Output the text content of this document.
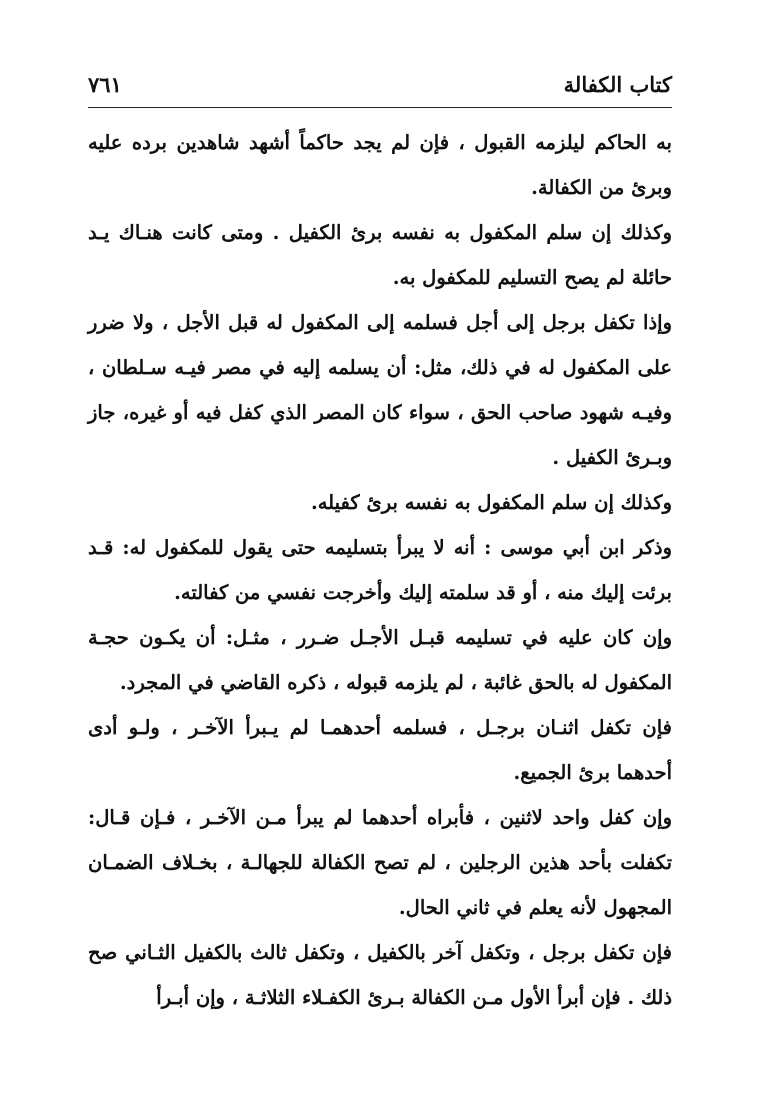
كتاب الكفالة
٧٦١

به الحاكم ليلزمه القبول ، فإن لم يجد حاكماً أشهد شاهدين برده عليه وبرئ من الكفالة.

وكذلك إن سلم المكفول به نفسه برئ الكفيل . ومتى كانت هنـاك يـد حائلة لم يصح التسليم للمكفول به.

وإذا تكفل برجل إلى أجل فسلمه إلى المكفول له قبل الأجل ، ولا ضرر على المكفول له في ذلك، مثل: أن يسلمه إليه في مصر فيـه سـلطان ، وفيـه شهود صاحب الحق ، سواء كان المصر الذي كفل فيه أو غيره، جاز وبـرئ الكفيل .

وكذلك إن سلم المكفول به نفسه برئ كفيله.

وذكر ابن أبي موسى : أنه لا يبرأ بتسليمه حتى يقول للمكفول له: قـد برئت إليك منه ، أو قد سلمته إليك وأخرجت نفسي من كفالته.

وإن كان عليه في تسليمه قبـل الأجـل ضـرر ، مثـل: أن يكـون حجـة المكفول له بالحق غائبة ، لم يلزمه قبوله ، ذكره القاضي في المجرد.

فإن تكفل اثنـان برجـل ، فسلمه أحدهمـا لم يـبرأ الآخـر ، ولـو أدى أحدهما برئ الجميع.

وإن كفل واحد لاثنين ، فأبراه أحدهما لم يبرأ مـن الآخـر ، فـإن قـال: تكفلت بأحد هذين الرجلين ، لم تصح الكفالة للجهالـة ، بخـلاف الضمـان المجهول لأنه يعلم في ثاني الحال.

فإن تكفل برجل ، وتكفل آخر بالكفيل ، وتكفل ثالث بالكفيل الثـاني صح ذلك . فإن أبرأ الأول مـن الكفالة بـرئ الكفـلاء الثلاثـة ، وإن أبـرأ
